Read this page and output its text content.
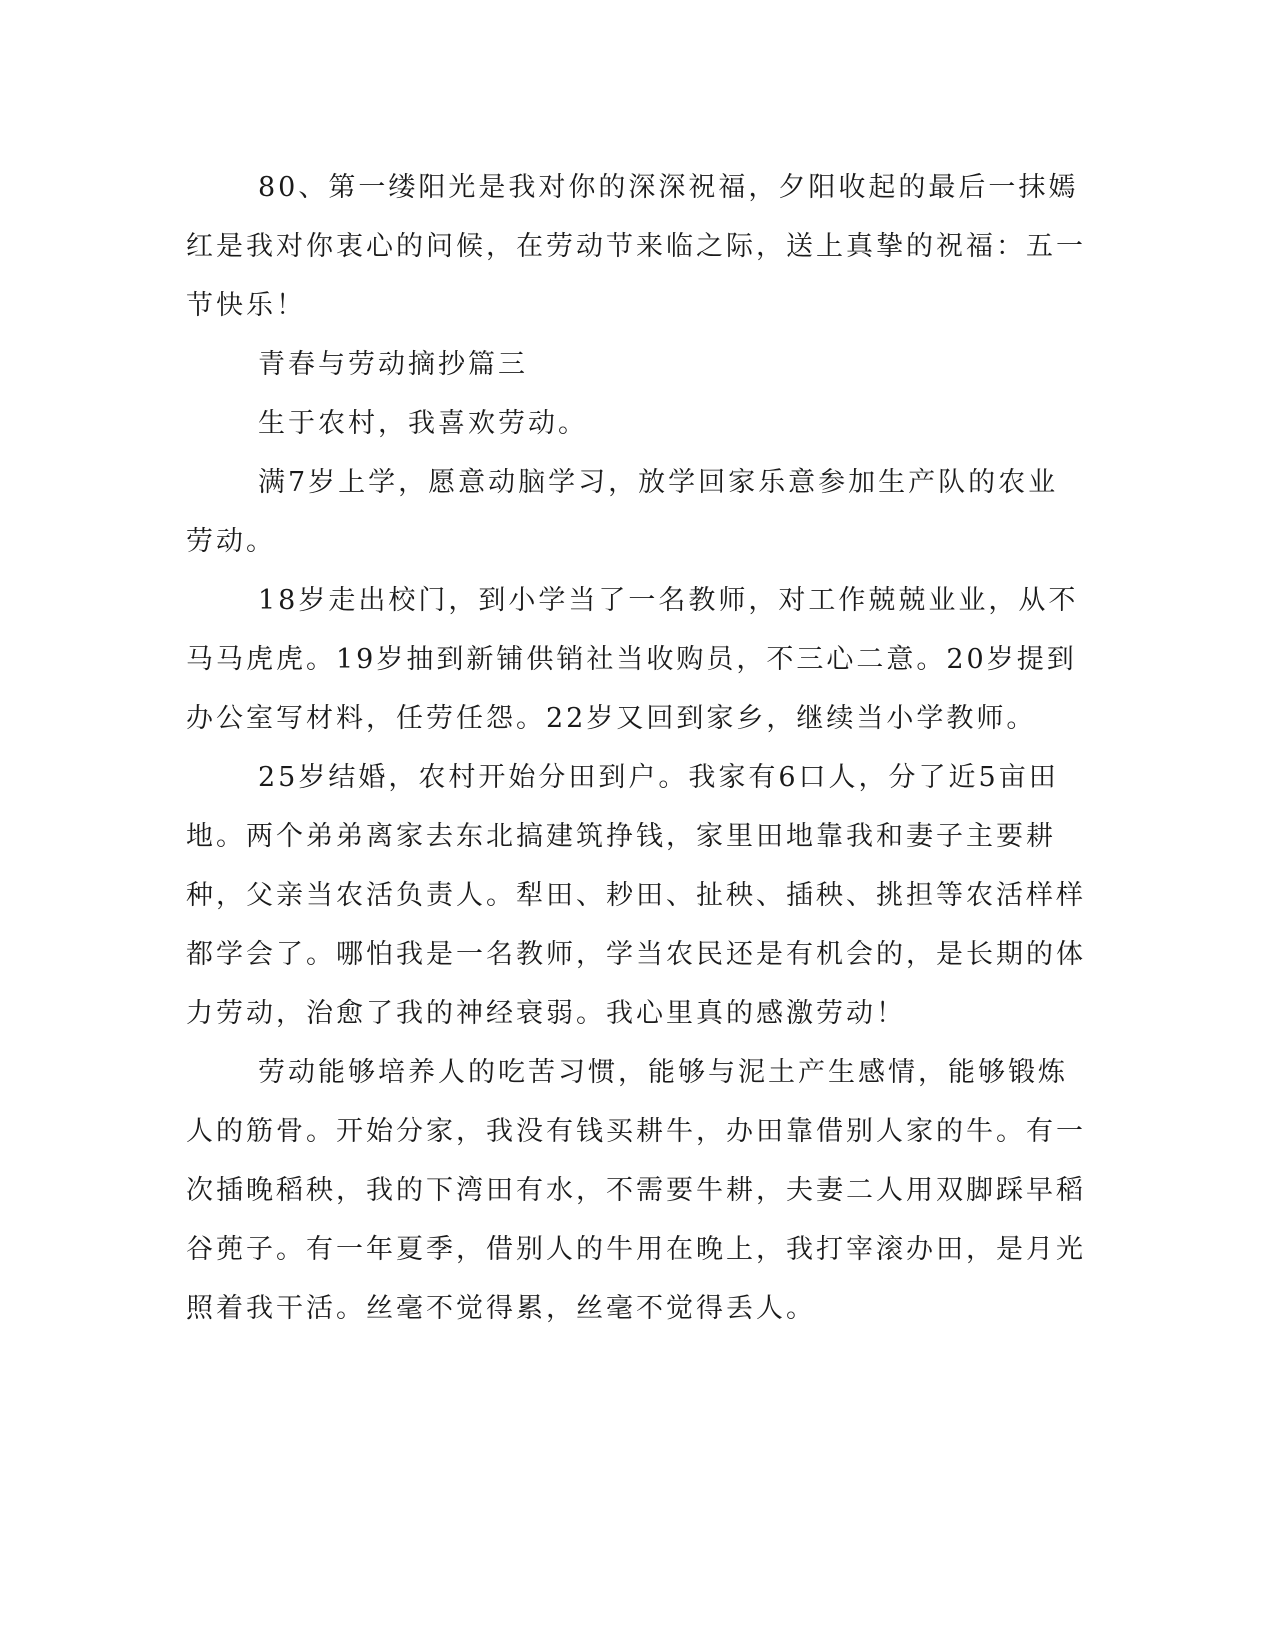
80、第一缕阳光是我对你的深深祝福，夕阳收起的最后一抹嫣红是我对你衷心的问候，在劳动节来临之际，送上真挚的祝福：五一节快乐！

青春与劳动摘抄篇三

生于农村，我喜欢劳动。

满7岁上学，愿意动脑学习，放学回家乐意参加生产队的农业劳动。

18岁走出校门，到小学当了一名教师，对工作兢兢业业，从不马马虎虎。19岁抽到新铺供销社当收购员，不三心二意。20岁提到办公室写材料，任劳任怨。22岁又回到家乡，继续当小学教师。

25岁结婚，农村开始分田到户。我家有6口人，分了近5亩田地。两个弟弟离家去东北搞建筑挣钱，家里田地靠我和妻子主要耕种，父亲当农活负责人。犁田、耖田、扯秧、插秧、挑担等农活样样都学会了。哪怕我是一名教师，学当农民还是有机会的，是长期的体力劳动，治愈了我的神经衰弱。我心里真的感激劳动！

劳动能够培养人的吃苦习惯，能够与泥土产生感情，能够锻炼人的筋骨。开始分家，我没有钱买耕牛，办田靠借别人家的牛。有一次插晚稻秧，我的下湾田有水，不需要牛耕，夫妻二人用双脚踩早稻谷蔸子。有一年夏季，借别人的牛用在晚上，我打宰滚办田，是月光照着我干活。丝毫不觉得累，丝毫不觉得丢人。
